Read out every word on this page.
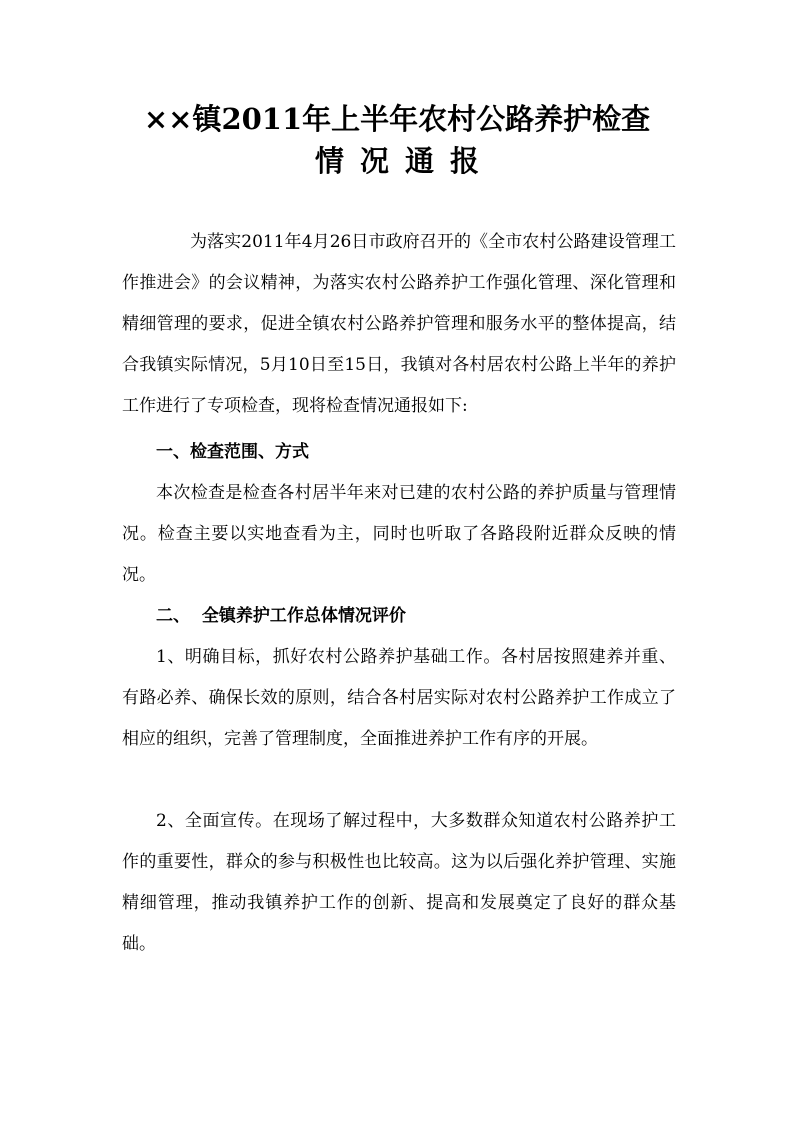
××镇2011年上半年农村公路养护检查
情况通报
为落实2011年4月26日市政府召开的《全市农村公路建设管理工作推进会》的会议精神，为落实农村公路养护工作强化管理、深化管理和精细管理的要求，促进全镇农村公路养护管理和服务水平的整体提高，结合我镇实际情况，5月10日至15日，我镇对各村居农村公路上半年的养护工作进行了专项检查，现将检查情况通报如下:
一、检查范围、方式
本次检查是检查各村居半年来对已建的农村公路的养护质量与管理情况。检查主要以实地查看为主，同时也听取了各路段附近群众反映的情况。
二、  全镇养护工作总体情况评价
1、明确目标，抓好农村公路养护基础工作。各村居按照建养并重、有路必养、确保长效的原则，结合各村居实际对农村公路养护工作成立了相应的组织，完善了管理制度，全面推进养护工作有序的开展。
2、全面宣传。在现场了解过程中，大多数群众知道农村公路养护工作的重要性，群众的参与积极性也比较高。这为以后强化养护管理、实施精细管理，推动我镇养护工作的创新、提高和发展奠定了良好的群众基础。
